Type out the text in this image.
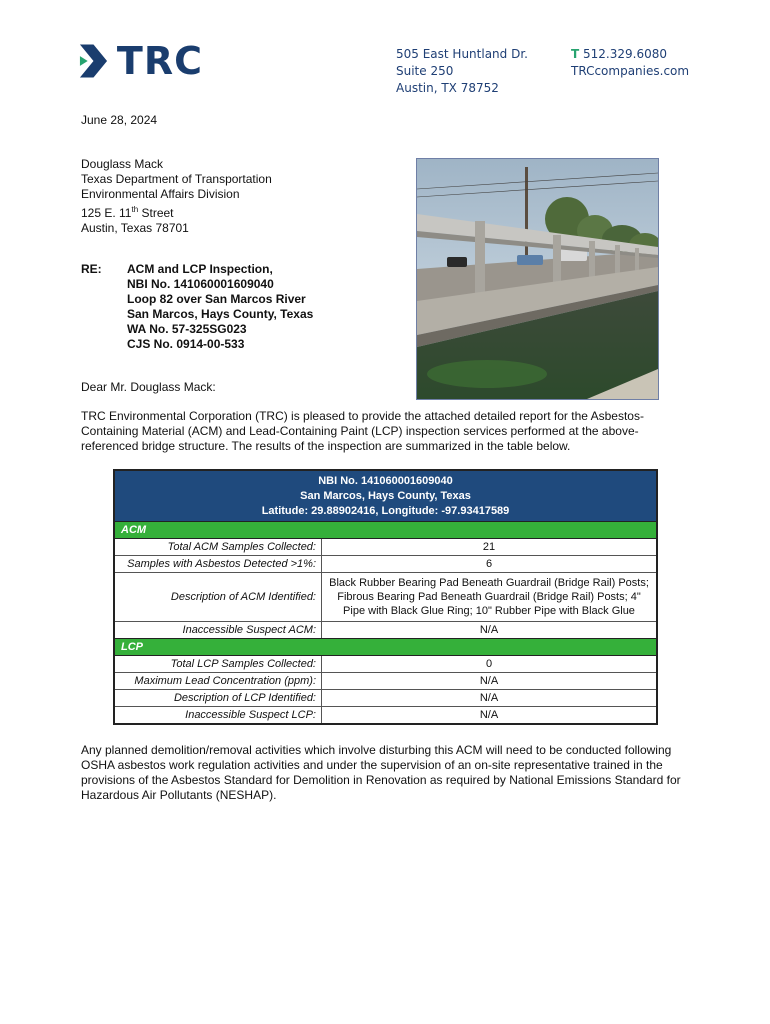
TRC	505 East Huntland Dr.
Suite 250
Austin, TX 78752
T 512.329.6080
TRCcompanies.com
June 28, 2024
Douglass Mack
Texas Department of Transportation
Environmental Affairs Division
125 E. 11th Street
Austin, Texas 78701
RE: ACM and LCP Inspection,
NBI No. 141060001609040
Loop 82 over San Marcos River
San Marcos, Hays County, Texas
WA No. 57-325SG023
CJS No. 0914-00-533
Dear Mr. Douglass Mack:
TRC Environmental Corporation (TRC) is pleased to provide the attached detailed report for the Asbestos-Containing Material (ACM) and Lead-Containing Paint (LCP) inspection services performed at the above-referenced bridge structure. The results of the inspection are summarized in the table below.
NBI No. 141060001609040
San Marcos, Hays County, Texas
Latitude: 29.88902416, Longitude: -97.93417589
ACM
Total ACM Samples Collected:	21
Samples with Asbestos Detected >1%:	6
Description of ACM Identified:
Black Rubber Bearing Pad Beneath Guardrail (Bridge Rail) Posts; Fibrous Bearing Pad Beneath Guardrail (Bridge Rail) Posts; 4" Pipe with Black Glue Ring; 10" Rubber Pipe with Black Glue
Inaccessible Suspect ACM:	N/A
LCP
Total LCP Samples Collected:	0
Maximum Lead Concentration (ppm):	N/A
Description of LCP Identified:	N/A
Inaccessible Suspect LCP:	N/A
Any planned demolition/removal activities which involve disturbing this ACM will need to be conducted following OSHA asbestos work regulation activities and under the supervision of an on-site representative trained in the provisions of the Asbestos Standard for Demolition in Renovation as required by National Emissions Standard for Hazardous Air Pollutants (NESHAP).
